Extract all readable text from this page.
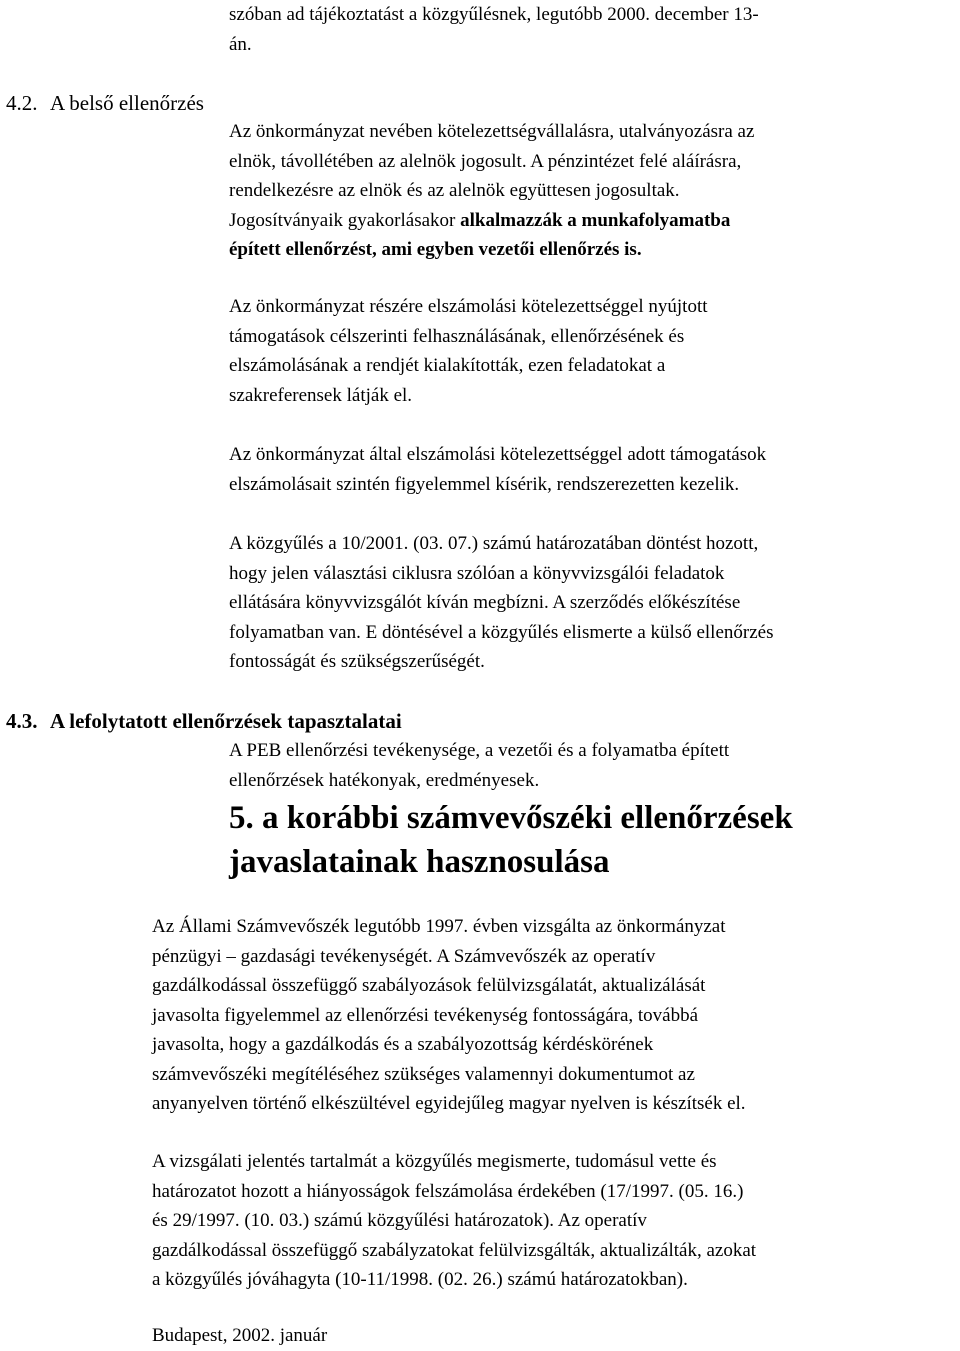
szóban ad tájékoztatást a közgyűlésnek, legutóbb 2000. december 13-
án.
4.2. A belső ellenőrzés
Az önkormányzat nevében kötelezettségvállalásra, utalványozásra az
elnök, távollétében az alelnök jogosult. A pénzintézet felé aláírásra,
rendelkezésre az elnök és az alelnök együttesen jogosultak.
Jogosítványaik gyakorlásakor alkalmazzák a munkafolyamatba
épített ellenőrzést, ami egyben vezetői ellenőrzés is.
Az önkormányzat részére elszámolási kötelezettséggel nyújtott
támogatások célszerinti felhasználásának, ellenőrzésének és
elszámolásának a rendjét kialakították, ezen feladatokat a
szakreferensek látják el.
Az önkormányzat által elszámolási kötelezettséggel adott támogatások
elszámolásait szintén figyelemmel kísérik, rendszerezetten kezelik.
A közgyűlés a 10/2001. (03. 07.) számú határozatában döntést hozott,
hogy jelen választási ciklusra szólóan a könyvvizsgálói feladatok
ellátására könyvvizsgálót kíván megbízni. A szerződés előkészítése
folyamatban van. E döntésével a közgyűlés elismerte a külső ellenőrzés
fontosságát és szükségszerűségét.
4.3. A lefolytatott ellenőrzések tapasztalatai
A PEB ellenőrzési tevékenysége, a vezetői és a folyamatba épített
ellenőrzések hatékonyak, eredményesek.
5. a korábbi számvevőszéki ellenőrzések
javaslatainak hasznosulása
Az Állami Számvevőszék legutóbb 1997. évben vizsgálta az önkormányzat
pénzügyi – gazdasági tevékenységét. A Számvevőszék az operatív
gazdálkodással összefüggő szabályozások felülvizsgálatát, aktualizálását
javasolta figyelemmel az ellenőrzési tevékenység fontosságára, továbbá
javasolta, hogy a gazdálkodás és a szabályozottság kérdéskörének
számvevőszéki megítéléséhez szükséges valamennyi dokumentumot az
anyanyelven történő elkészültével egyidejűleg magyar nyelven is készítsék el.
A vizsgálati jelentés tartalmát a közgyűlés megismerte, tudomásul vette és
határozatot hozott a hiányosságok felszámolása érdekében (17/1997. (05. 16.)
és 29/1997. (10. 03.) számú közgyűlési határozatok). Az operatív
gazdálkodással összefüggő szabályzatokat felülvizsgálták, aktualizálták, azokat
a közgyűlés jóváhagyta (10-11/1998. (02. 26.) számú határozatokban).
Budapest, 2002. január
